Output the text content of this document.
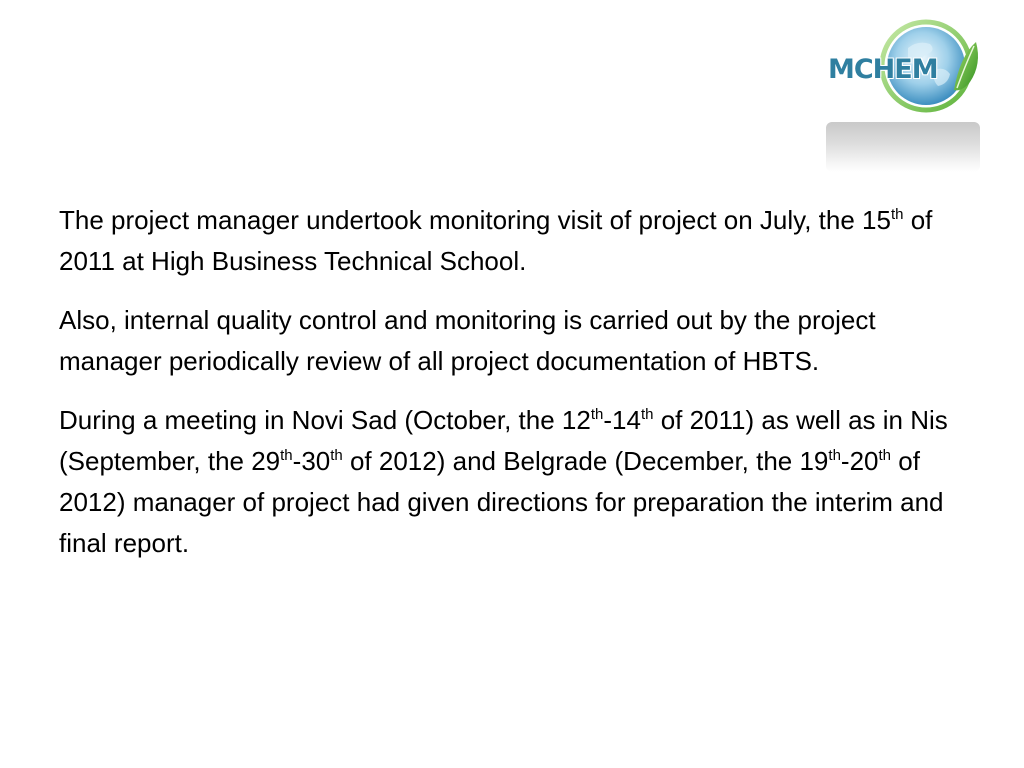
MCHEM

The project manager undertook monitoring visit of project on July, the 15th of 2011 at High Business Technical School.

Also, internal quality control and monitoring is carried out by the project manager periodically review of all project documentation of HBTS.

During a meeting in Novi Sad (October, the 12th-14th of 2011) as well as in Nis (September, the 29th-30th of 2012) and Belgrade (December, the 19th-20th of 2012) manager of project had given directions for preparation the interim and final report.
